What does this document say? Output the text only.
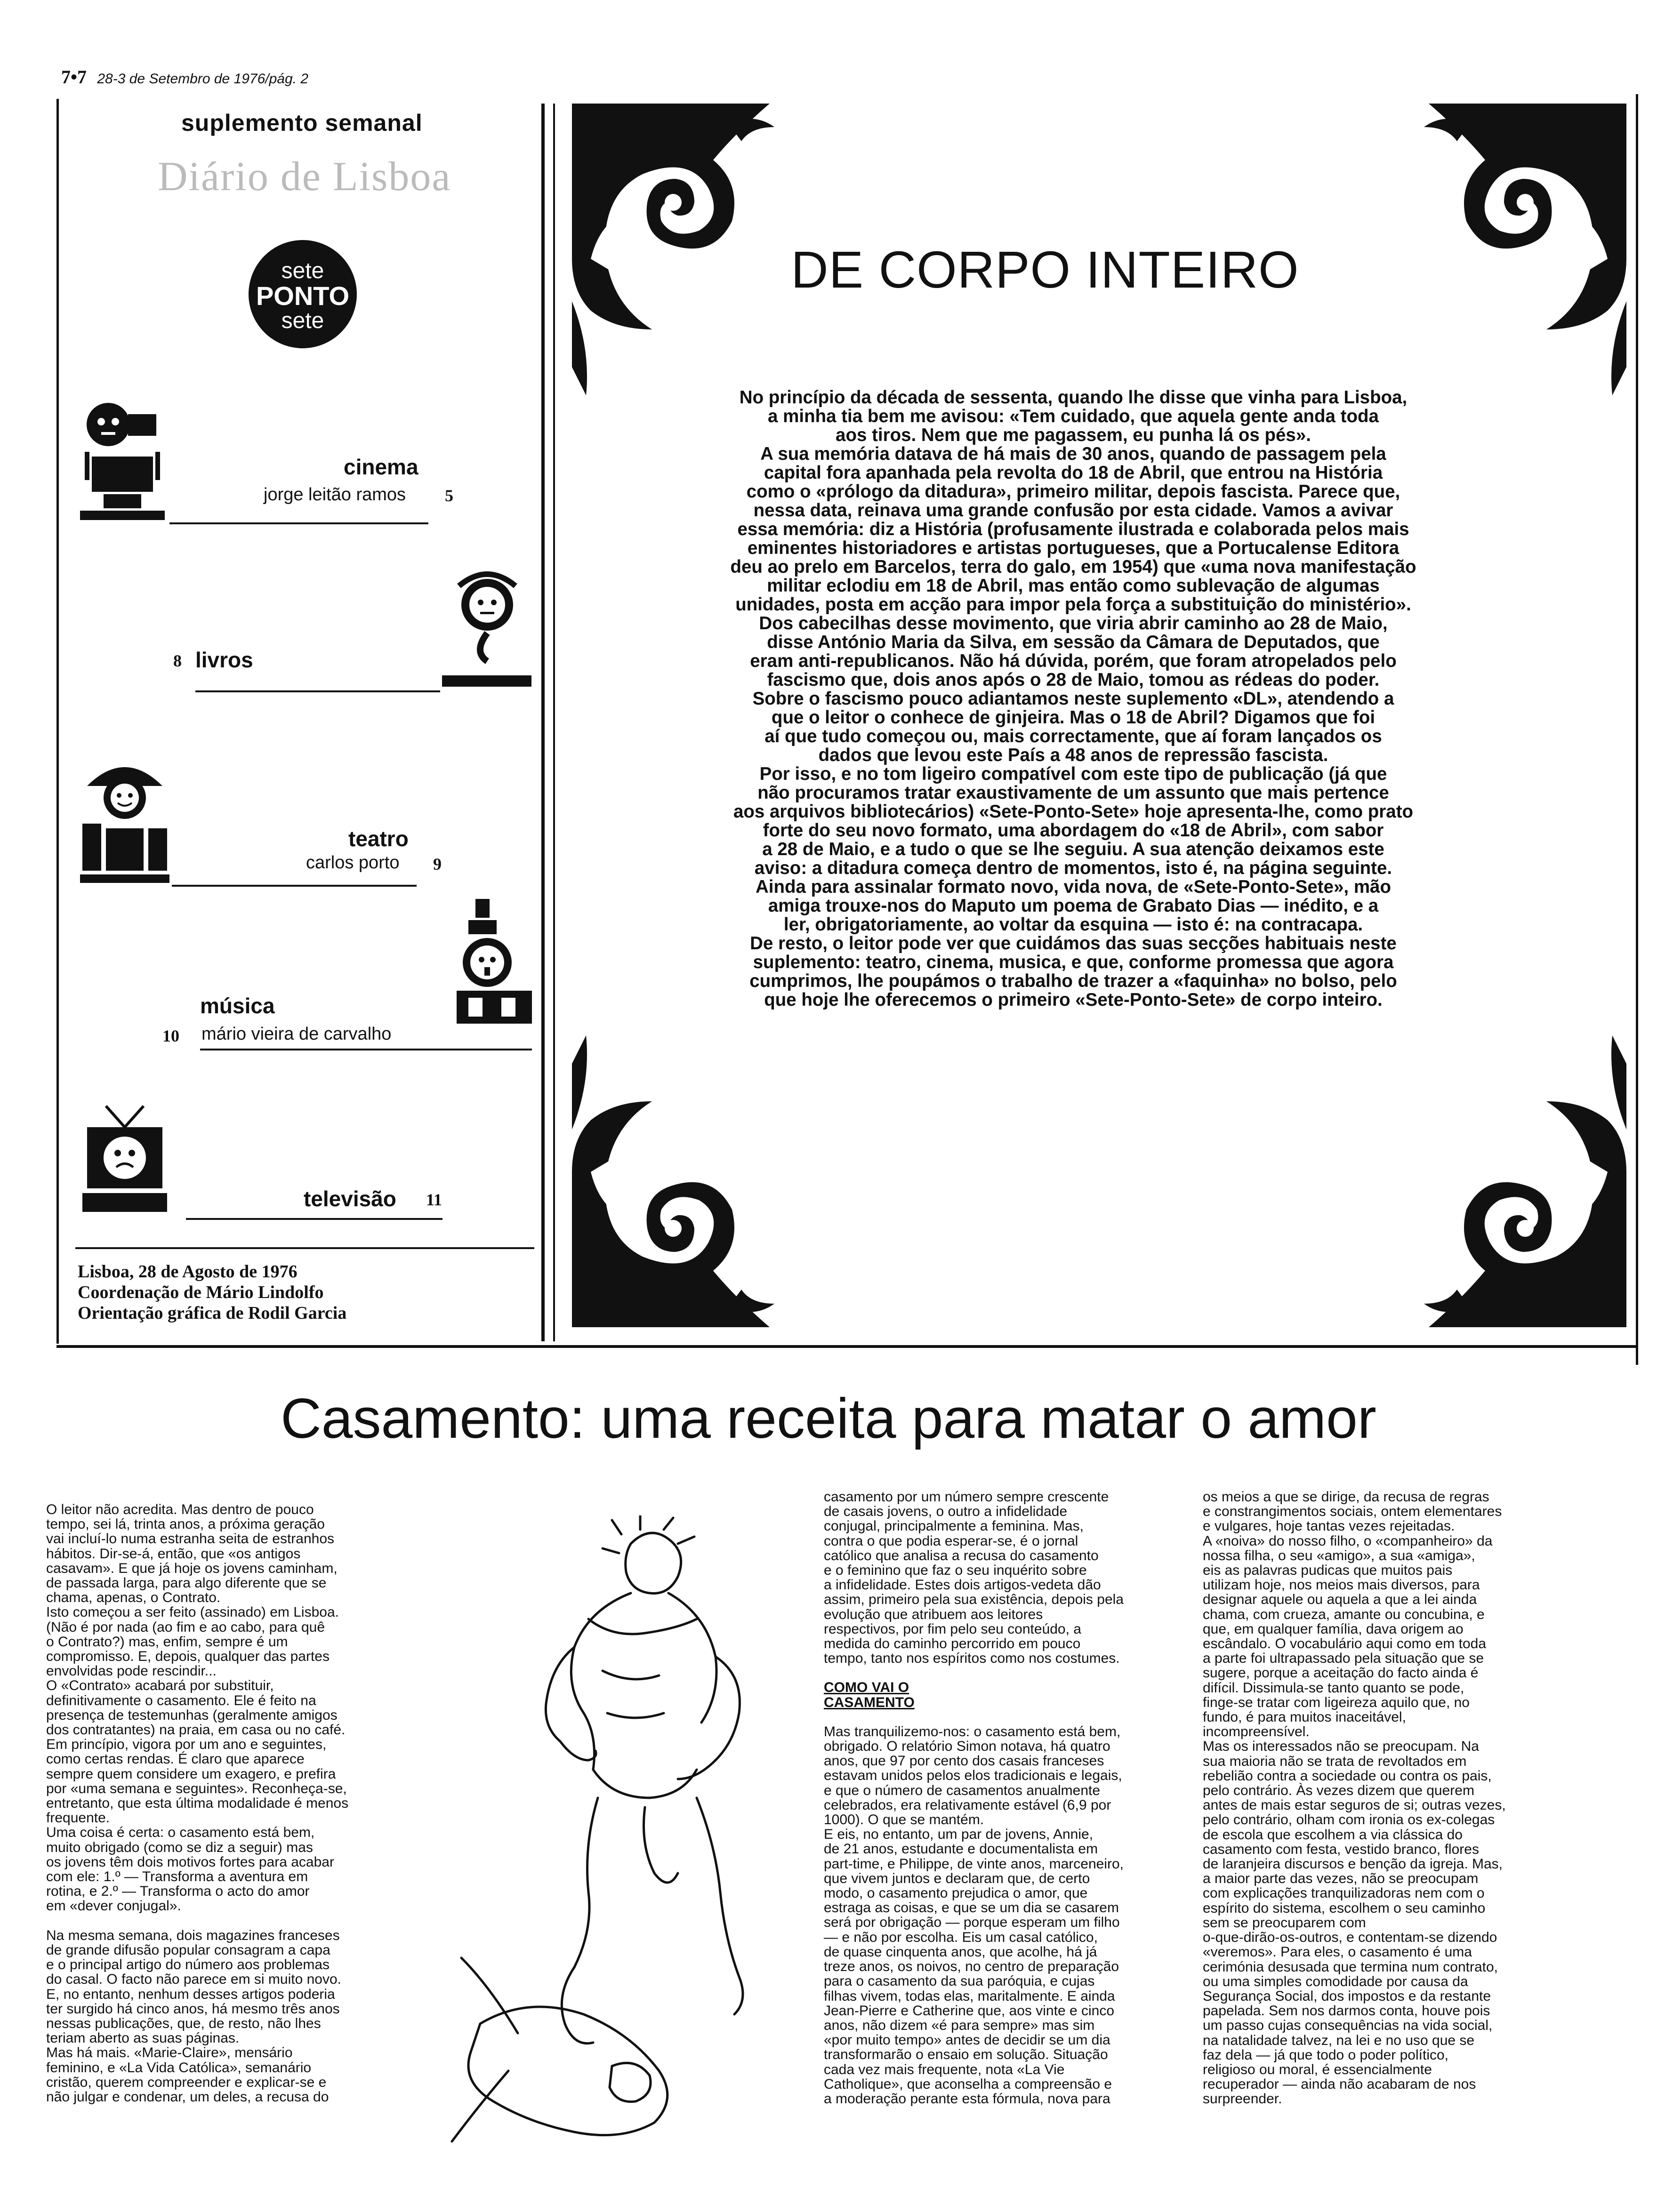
7•7 28-3 de Setembro de 1976/pág. 2
suplemento semanal
Diário de Lisboa
sete
PONTO
sete
cinema
jorge leitão ramos 5
8 livros
teatro
carlos porto 9
música
10 mário vieira de carvalho
televisão 11
Lisboa, 28 de Agosto de 1976
Coordenação de Mário Lindolfo
Orientação gráfica de Rodil Garcia
DE CORPO INTEIRO

No princípio da década de sessenta, quando lhe disse que vinha para Lisboa,

a minha tia bem me avisou: «Tem cuidado, que aquela gente anda toda

aos tiros. Nem que me pagassem, eu punha lá os pés».

A sua memória datava de há mais de 30 anos, quando de passagem pela

capital fora apanhada pela revolta do 18 de Abril, que entrou na História

como o «prólogo da ditadura», primeiro militar, depois fascista. Parece que,

nessa data, reinava uma grande confusão por esta cidade. Vamos a avivar

essa memória: diz a História (profusamente ilustrada e colaborada pelos mais

eminentes historiadores e artistas portugueses, que a Portucalense Editora

deu ao prelo em Barcelos, terra do galo, em 1954) que «uma nova manifestação

militar eclodiu em 18 de Abril, mas então como sublevação de algumas

unidades, posta em acção para impor pela força a substituição do ministério».

Dos cabecilhas desse movimento, que viria abrir caminho ao 28 de Maio,

disse António Maria da Silva, em sessão da Câmara de Deputados, que

eram anti-republicanos. Não há dúvida, porém, que foram atropelados pelo

fascismo que, dois anos após o 28 de Maio, tomou as rédeas do poder.

Sobre o fascismo pouco adiantamos neste suplemento «DL», atendendo a

que o leitor o conhece de ginjeira. Mas o 18 de Abril? Digamos que foi

aí que tudo começou ou, mais correctamente, que aí foram lançados os

dados que levou este País a 48 anos de repressão fascista.

Por isso, e no tom ligeiro compatível com este tipo de publicação (já que

não procuramos tratar exaustivamente de um assunto que mais pertence

aos arquivos bibliotecários) «Sete-Ponto-Sete» hoje apresenta-lhe, como prato

forte do seu novo formato, uma abordagem do «18 de Abril», com sabor

a 28 de Maio, e a tudo o que se lhe seguiu. A sua atenção deixamos este

aviso: a ditadura começa dentro de momentos, isto é, na página seguinte.

Ainda para assinalar formato novo, vida nova, de «Sete-Ponto-Sete», mão

amiga trouxe-nos do Maputo um poema de Grabato Dias — inédito, e a

ler, obrigatoriamente, ao voltar da esquina — isto é: na contracapa.

De resto, o leitor pode ver que cuidámos das suas secções habituais neste

suplemento: teatro, cinema, musica, e que, conforme promessa que agora

cumprimos, lhe poupámos o trabalho de trazer a «faquinha» no bolso, pelo

que hoje lhe oferecemos o primeiro «Sete-Ponto-Sete» de corpo inteiro.

Casamento: uma receita para matar o amor

O leitor não acredita. Mas dentro de pouco

tempo, sei lá, trinta anos, a próxima geração

vai incluí-lo numa estranha seita de estranhos

hábitos. Dir-se-á, então, que «os antigos

casavam». E que já hoje os jovens caminham,

de passada larga, para algo diferente que se

chama, apenas, o Contrato.

Isto começou a ser feito (assinado) em Lisboa.

(Não é por nada (ao fim e ao cabo, para quê

o Contrato?) mas, enfim, sempre é um

compromisso. E, depois, qualquer das partes

envolvidas pode rescindir...

O «Contrato» acabará por substituir,

definitivamente o casamento. Ele é feito na

presença de testemunhas (geralmente amigos

dos contratantes) na praia, em casa ou no café.

Em princípio, vigora por um ano e seguintes,

como certas rendas. É claro que aparece

sempre quem considere um exagero, e prefira

por «uma semana e seguintes». Reconheça-se,

entretanto, que esta última modalidade é menos

frequente.

Uma coisa é certa: o casamento está bem,

muito obrigado (como se diz a seguir) mas

os jovens têm dois motivos fortes para acabar

com ele: 1.º — Transforma a aventura em

rotina, e 2.º — Transforma o acto do amor

em «dever conjugal».

Na mesma semana, dois magazines franceses

de grande difusão popular consagram a capa

e o principal artigo do número aos problemas

do casal. O facto não parece em si muito novo.

E, no entanto, nenhum desses artigos poderia

ter surgido há cinco anos, há mesmo três anos

nessas publicações, que, de resto, não lhes

teriam aberto as suas páginas.

Mas há mais. «Marie-Claire», mensário

feminino, e «La Vida Católica», semanário

cristão, querem compreender e explicar-se e

não julgar e condenar, um deles, a recusa do

casamento por um número sempre crescente

de casais jovens, o outro a infidelidade

conjugal, principalmente a feminina. Mas,

contra o que podia esperar-se, é o jornal

católico que analisa a recusa do casamento

e o feminino que faz o seu inquérito sobre

a infidelidade. Estes dois artigos-vedeta dão

assim, primeiro pela sua existência, depois pela

evolução que atribuem aos leitores

respectivos, por fim pelo seu conteúdo, a

medida do caminho percorrido em pouco

tempo, tanto nos espíritos como nos costumes.

COMO VAI O

CASAMENTO

Mas tranquilizemo-nos: o casamento está bem,

obrigado. O relatório Simon notava, há quatro

anos, que 97 por cento dos casais franceses

estavam unidos pelos elos tradicionais e legais,

e que o número de casamentos anualmente

celebrados, era relativamente estável (6,9 por

1000). O que se mantém.

E eis, no entanto, um par de jovens, Annie,

de 21 anos, estudante e documentalista em

part-time, e Philippe, de vinte anos, marceneiro,

que vivem juntos e declaram que, de certo

modo, o casamento prejudica o amor, que

estraga as coisas, e que se um dia se casarem

será por obrigação — porque esperam um filho

— e não por escolha. Eis um casal católico,

de quase cinquenta anos, que acolhe, há já

treze anos, os noivos, no centro de preparação

para o casamento da sua paróquia, e cujas

filhas vivem, todas elas, maritalmente. E ainda

Jean-Pierre e Catherine que, aos vinte e cinco

anos, não dizem «é para sempre» mas sim

«por muito tempo» antes de decidir se um dia

transformarão o ensaio em solução. Situação

cada vez mais frequente, nota «La Vie

Catholique», que aconselha a compreensão e

a moderação perante esta fórmula, nova para

os meios a que se dirige, da recusa de regras

e constrangimentos sociais, ontem elementares

e vulgares, hoje tantas vezes rejeitadas.

A «noiva» do nosso filho, o «companheiro» da

nossa filha, o seu «amigo», a sua «amiga»,

eis as palavras pudicas que muitos pais

utilizam hoje, nos meios mais diversos, para

designar aquele ou aquela a que a lei ainda

chama, com crueza, amante ou concubina, e

que, em qualquer família, dava origem ao

escândalo. O vocabulário aqui como em toda

a parte foi ultrapassado pela situação que se

sugere, porque a aceitação do facto ainda é

difícil. Dissimula-se tanto quanto se pode,

finge-se tratar com ligeireza aquilo que, no

fundo, é para muitos inaceitável,

incompreensível.

Mas os interessados não se preocupam. Na

sua maioria não se trata de revoltados em

rebelião contra a sociedade ou contra os pais,

pelo contrário. Às vezes dizem que querem

antes de mais estar seguros de si; outras vezes,

pelo contrário, olham com ironia os ex-colegas

de escola que escolhem a via clássica do

casamento com festa, vestido branco, flores

de laranjeira discursos e benção da igreja. Mas,

a maior parte das vezes, não se preocupam

com explicações tranquilizadoras nem com o

espírito do sistema, escolhem o seu caminho

sem se preocuparem com

o-que-dirão-os-outros, e contentam-se dizendo

«veremos». Para eles, o casamento é uma

cerimónia desusada que termina num contrato,

ou uma simples comodidade por causa da

Segurança Social, dos impostos e da restante

papelada. Sem nos darmos conta, houve pois

um passo cujas consequências na vida social,

na natalidade talvez, na lei e no uso que se

faz dela — já que todo o poder político,

religioso ou moral, é essencialmente

recuperador — ainda não acabaram de nos

surpreender.
